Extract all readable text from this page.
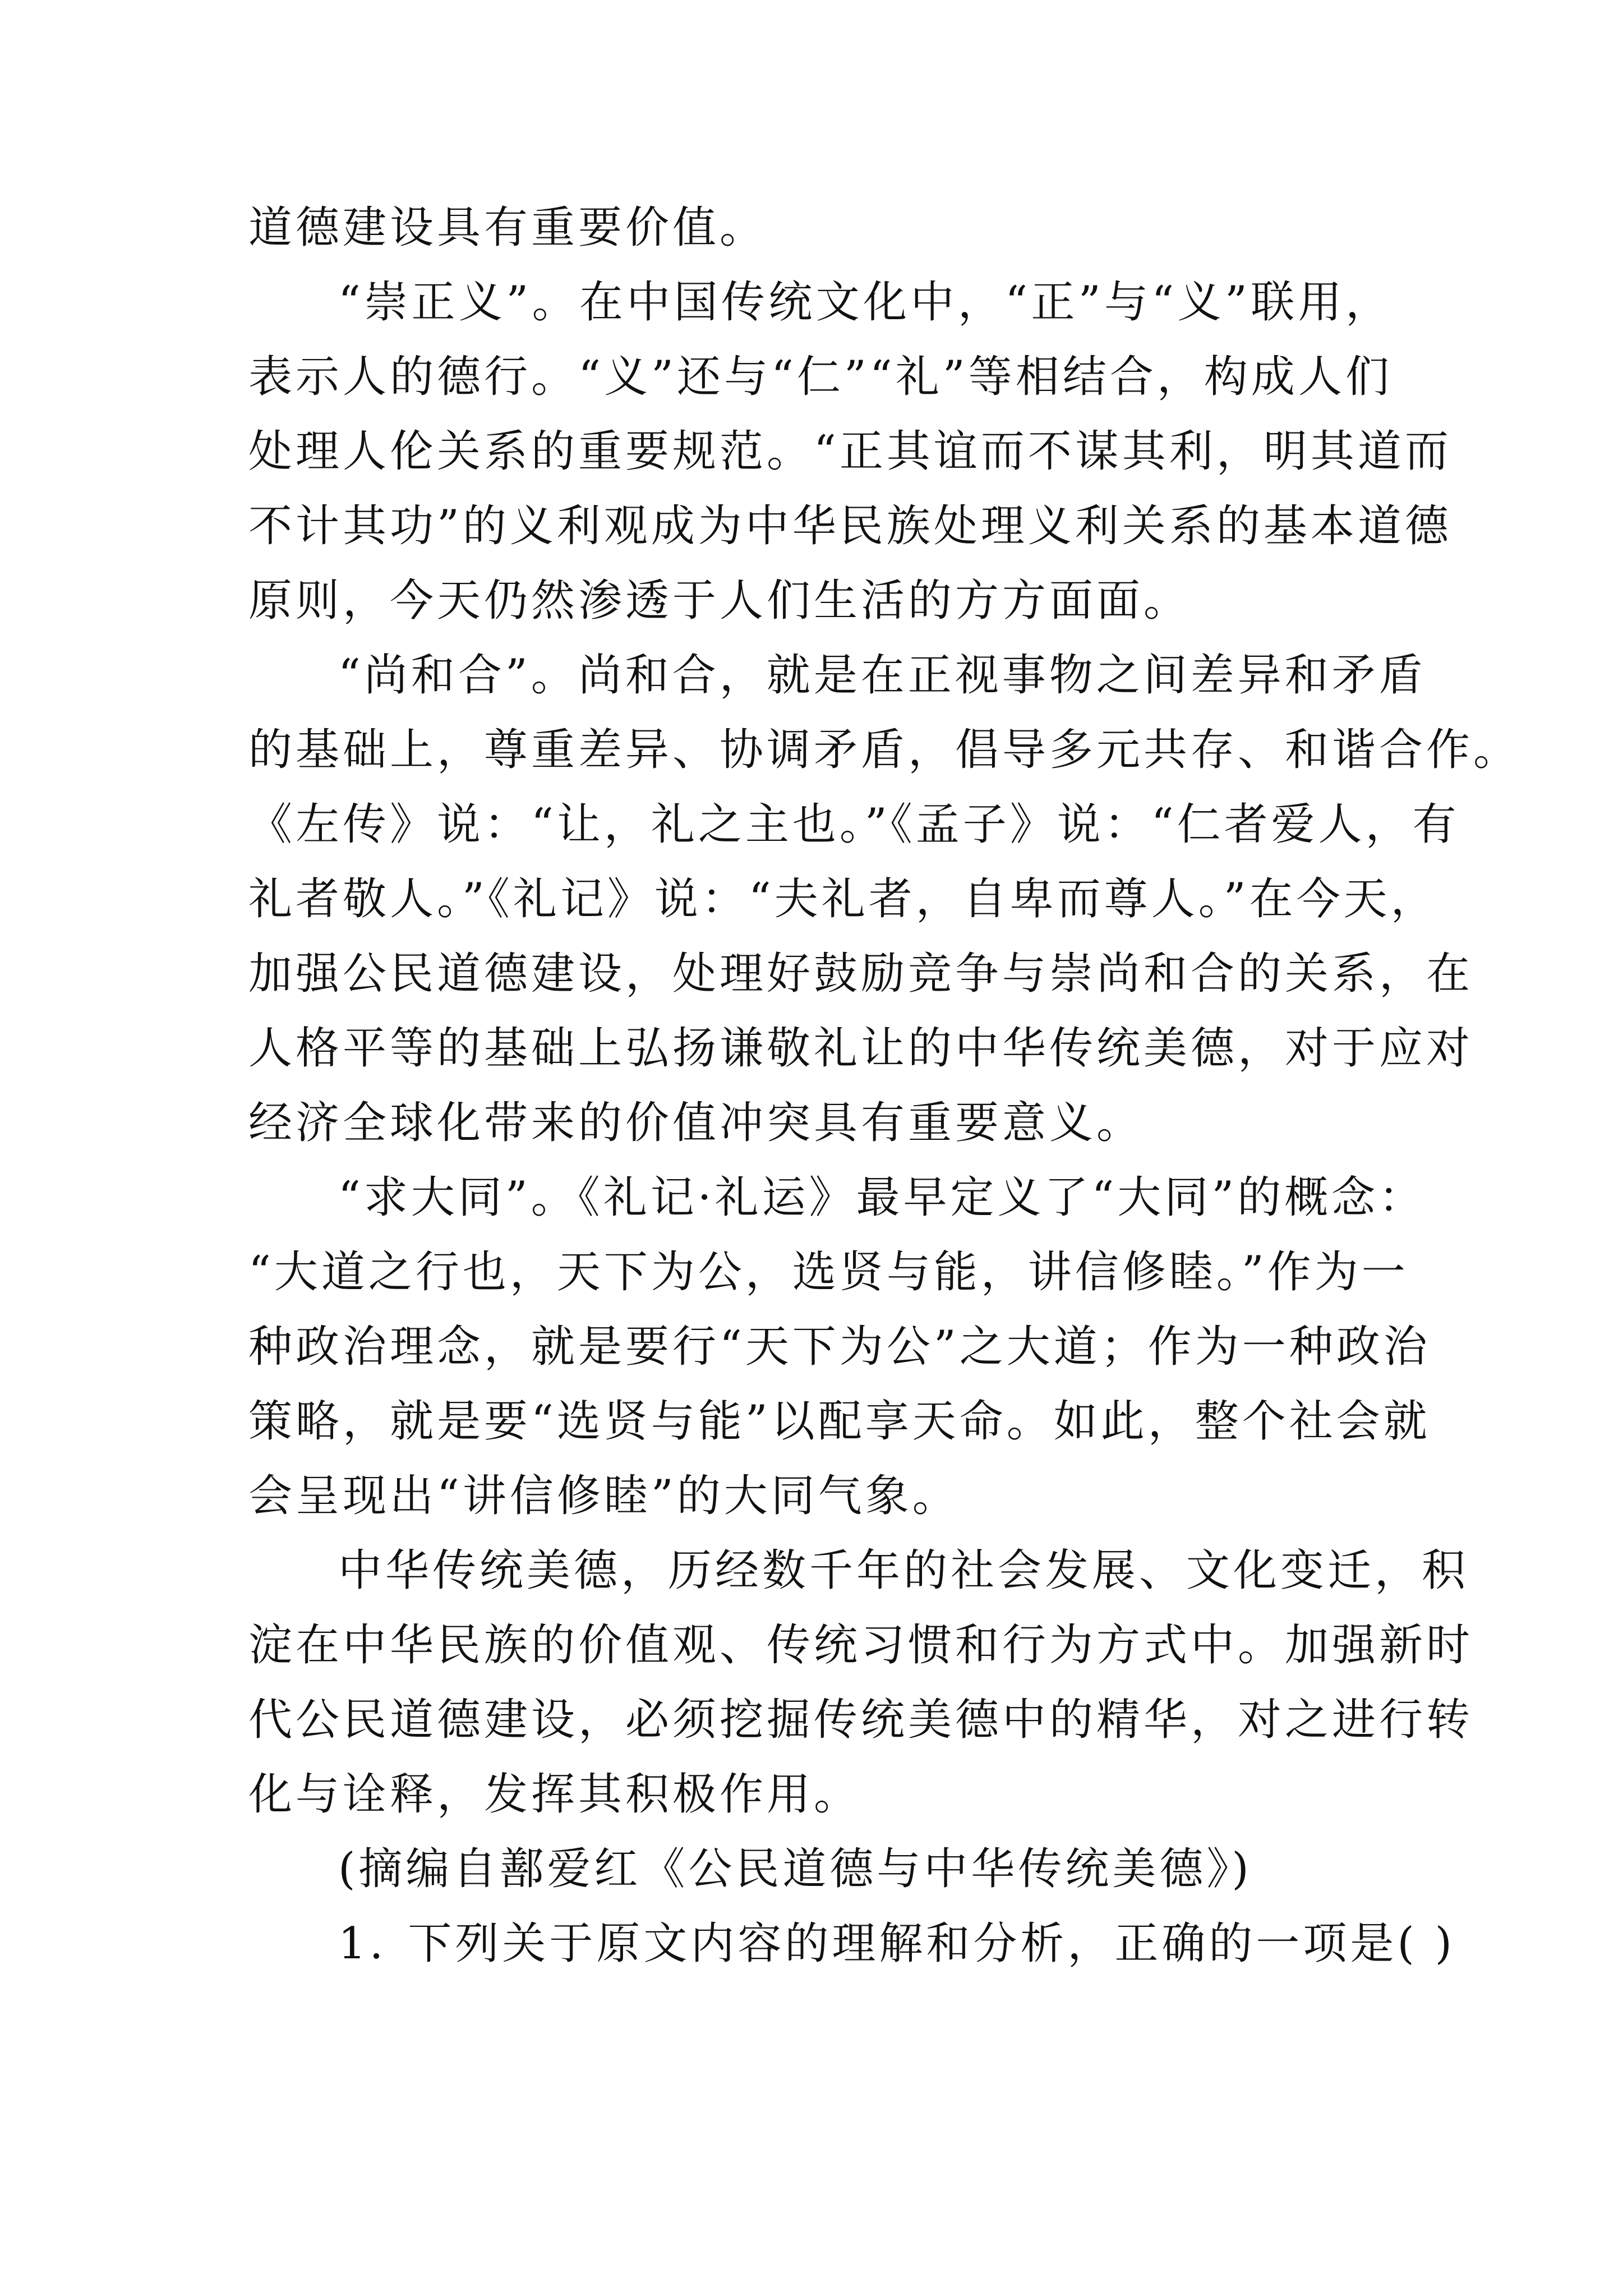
道德建设具有重要价值。
“崇正义”。在中国传统文化中，“正”与“义”联用，
表示人的德行。“义”还与“仁”“礼”等相结合，构成人们
处理人伦关系的重要规范。“正其谊而不谋其利，明其道而
不计其功”的义利观成为中华民族处理义利关系的基本道德
原则，今天仍然渗透于人们生活的方方面面。
“尚和合”。尚和合，就是在正视事物之间差异和矛盾
的基础上，尊重差异、协调矛盾，倡导多元共存、和谐合作。
《左传》说：“让，礼之主也。”《孟子》说：“仁者爱人，有
礼者敬人。”《礼记》说：“夫礼者，自卑而尊人。”在今天，
加强公民道德建设，处理好鼓励竞争与崇尚和合的关系，在
人格平等的基础上弘扬谦敬礼让的中华传统美德，对于应对
经济全球化带来的价值冲突具有重要意义。
“求大同”。《礼记·礼运》最早定义了“大同”的概念：
“大道之行也，天下为公，选贤与能，讲信修睦。”作为一
种政治理念，就是要行“天下为公”之大道；作为一种政治
策略，就是要“选贤与能”以配享天命。如此，整个社会就
会呈现出“讲信修睦”的大同气象。
中华传统美德，历经数千年的社会发展、文化变迁，积
淀在中华民族的价值观、传统习惯和行为方式中。加强新时
代公民道德建设，必须挖掘传统美德中的精华，对之进行转
化与诠释，发挥其积极作用。
(摘编自鄯爱红《公民道德与中华传统美德》)
1. 下列关于原文内容的理解和分析，正确的一项是( )
